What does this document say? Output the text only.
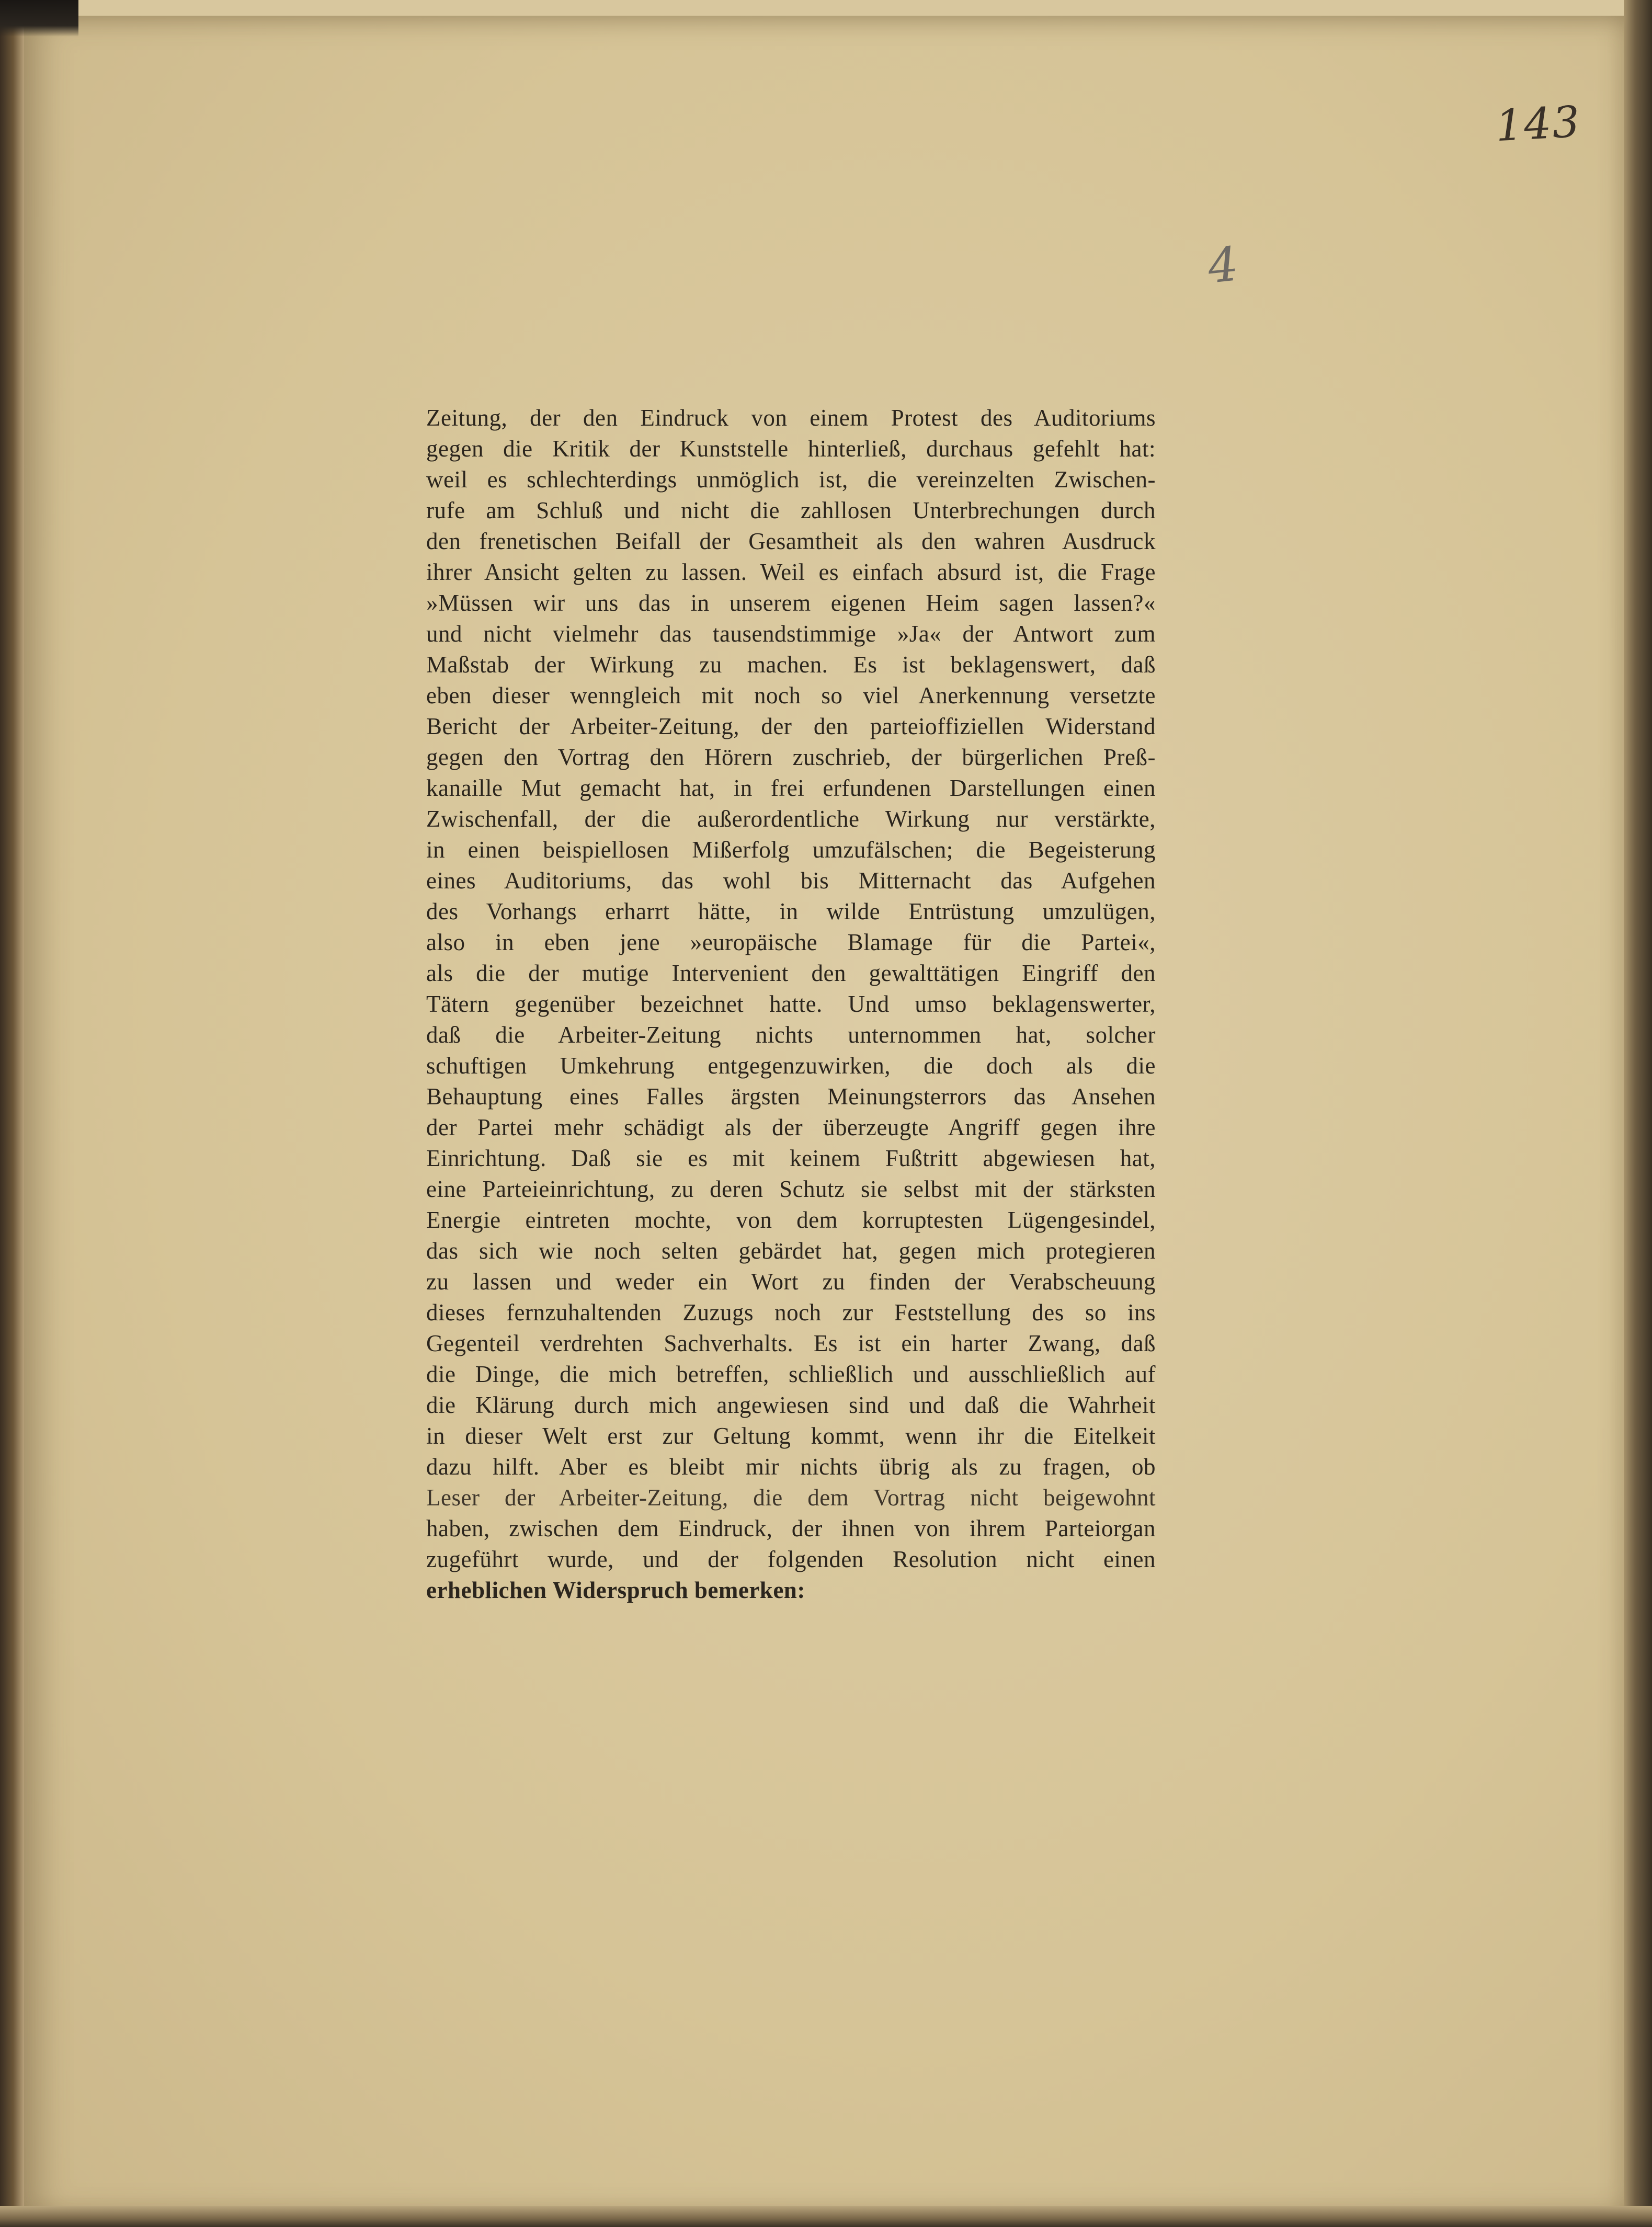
143
4
Zeitung, der den Eindruck von einem Protest des Auditoriums
gegen die Kritik der Kunststelle hinterließ, durchaus gefehlt hat:
weil es schlechterdings unmöglich ist, die vereinzelten Zwischen-
rufe am Schluß und nicht die zahllosen Unterbrechungen durch
den frenetischen Beifall der Gesamtheit als den wahren Ausdruck
ihrer Ansicht gelten zu lassen. Weil es einfach absurd ist, die Frage
»Müssen wir uns das in unserem eigenen Heim sagen lassen?«
und nicht vielmehr das tausendstimmige »Ja« der Antwort zum
Maßstab der Wirkung zu machen. Es ist beklagenswert, daß
eben dieser wenngleich mit noch so viel Anerkennung versetzte
Bericht der Arbeiter-Zeitung, der den parteioffiziellen Widerstand
gegen den Vortrag den Hörern zuschrieb, der bürgerlichen Preß-
kanaille Mut gemacht hat, in frei erfundenen Darstellungen einen
Zwischenfall, der die außerordentliche Wirkung nur verstärkte,
in einen beispiellosen Mißerfolg umzufälschen; die Begeisterung
eines Auditoriums, das wohl bis Mitternacht das Aufgehen
des Vorhangs erharrt hätte, in wilde Entrüstung umzulügen,
also in eben jene »europäische Blamage für die Partei«,
als die der mutige Intervenient den gewalttätigen Eingriff den
Tätern gegenüber bezeichnet hatte. Und umso beklagenswerter,
daß die Arbeiter-Zeitung nichts unternommen hat, solcher
schuftigen Umkehrung entgegenzuwirken, die doch als die
Behauptung eines Falles ärgsten Meinungsterrors das Ansehen
der Partei mehr schädigt als der überzeugte Angriff gegen ihre
Einrichtung. Daß sie es mit keinem Fußtritt abgewiesen hat,
eine Parteieinrichtung, zu deren Schutz sie selbst mit der stärksten
Energie eintreten mochte, von dem korruptesten Lügengesindel,
das sich wie noch selten gebärdet hat, gegen mich protegieren
zu lassen und weder ein Wort zu finden der Verabscheuung
dieses fernzuhaltenden Zuzugs noch zur Feststellung des so ins
Gegenteil verdrehten Sachverhalts. Es ist ein harter Zwang, daß
die Dinge, die mich betreffen, schließlich und ausschließlich auf
die Klärung durch mich angewiesen sind und daß die Wahrheit
in dieser Welt erst zur Geltung kommt, wenn ihr die Eitelkeit
dazu hilft. Aber es bleibt mir nichts übrig als zu fragen, ob
Leser der Arbeiter-Zeitung, die dem Vortrag nicht beigewohnt
haben, zwischen dem Eindruck, der ihnen von ihrem Parteiorgan
zugeführt wurde, und der folgenden Resolution nicht einen
erheblichen Widerspruch bemerken:
